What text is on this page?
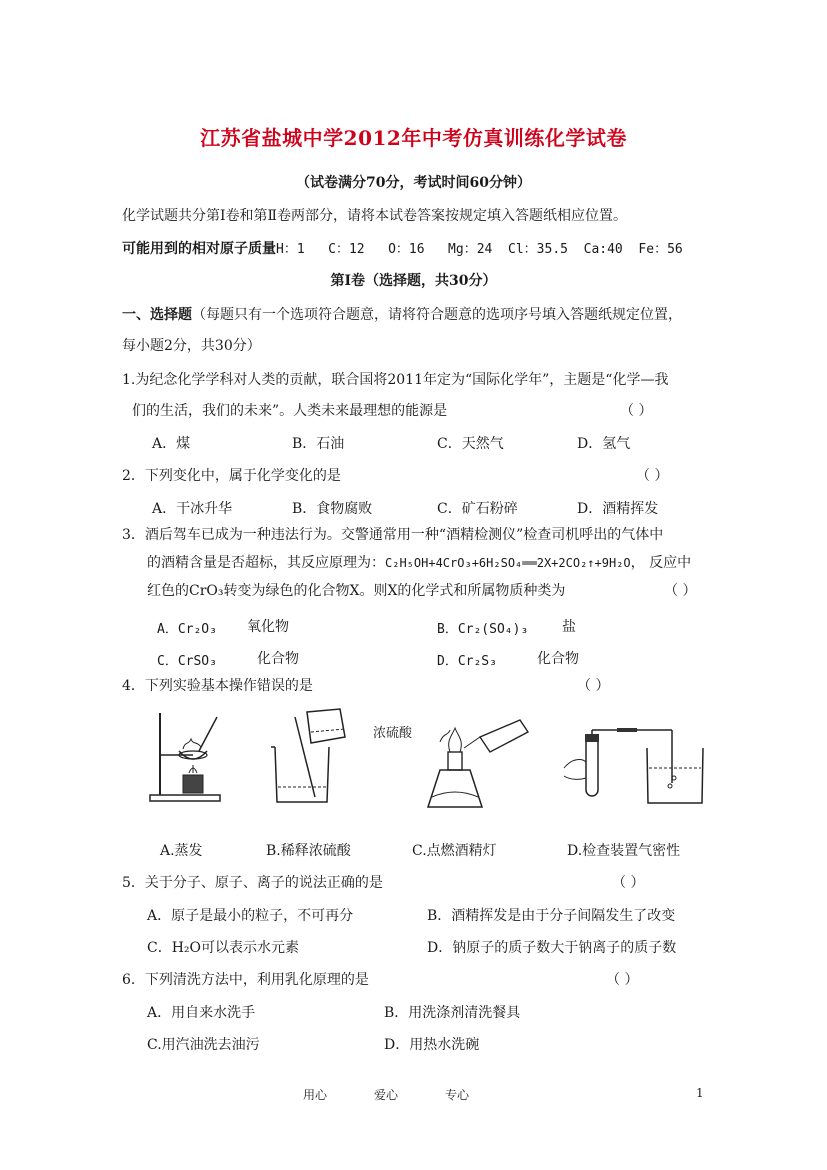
江苏省盐城中学2012年中考仿真训练化学试卷
（试卷满分70分，考试时间60分钟）
化学试题共分第Ⅰ卷和第Ⅱ卷两部分，请将本试卷答案按规定填入答题纸相应位置。
可能用到的相对原子质量H：1   C：12   O：16   Mg：24  Cl：35.5  Ca:40  Fe：56
第Ⅰ卷（选择题，共30分）
一、选择题（每题只有一个选项符合题意，请将符合题意的选项序号填入答题纸规定位置，
每小题2分，共30分）
1.为纪念化学学科对人类的贡献，联合国将2011年定为“国际化学年”，主题是“化学—我
们的生活，我们的未来”。人类未来最理想的能源是	（ ）
A．煤	B．石油	C．天然气	D．氢气
2．下列变化中，属于化学变化的是	（ ）
A．干冰升华	B．食物腐败	C．矿石粉碎	D．酒精挥发
3．酒后驾车已成为一种违法行为。交警通常用一种“酒精检测仪”检查司机呼出的气体中
的酒精含量是否超标，其反应原理为：C₂H₅OH+4CrO₃+6H₂SO₄══2X+2CO₂↑+9H₂O， 反应中
红色的CrO₃转变为绿色的化合物X。则X的化学式和所属物质种类为	（ ）
A．Cr₂O₃ 氧化物	B．Cr₂(SO₄)₃ 盐
C．CrSO₃	化合物	D．Cr₂S₃	化合物
4．下列实验基本操作错误的是	（ ）
浓硫酸
A.蒸发	B.稀释浓硫酸	C.点燃酒精灯	D.检查装置气密性
5．关于分子、原子、离子的说法正确的是	（ ）
A．原子是最小的粒子，不可再分	B．酒精挥发是由于分子间隔发生了改变
C．H₂O可以表示水元素	D．钠原子的质子数大于钠离子的质子数
6．下列清洗方法中，利用乳化原理的是	（ ）
A．用自来水洗手	B．用洗涤剂清洗餐具
C.用汽油洗去油污	D．用热水洗碗
用心	爱心	专心	1
